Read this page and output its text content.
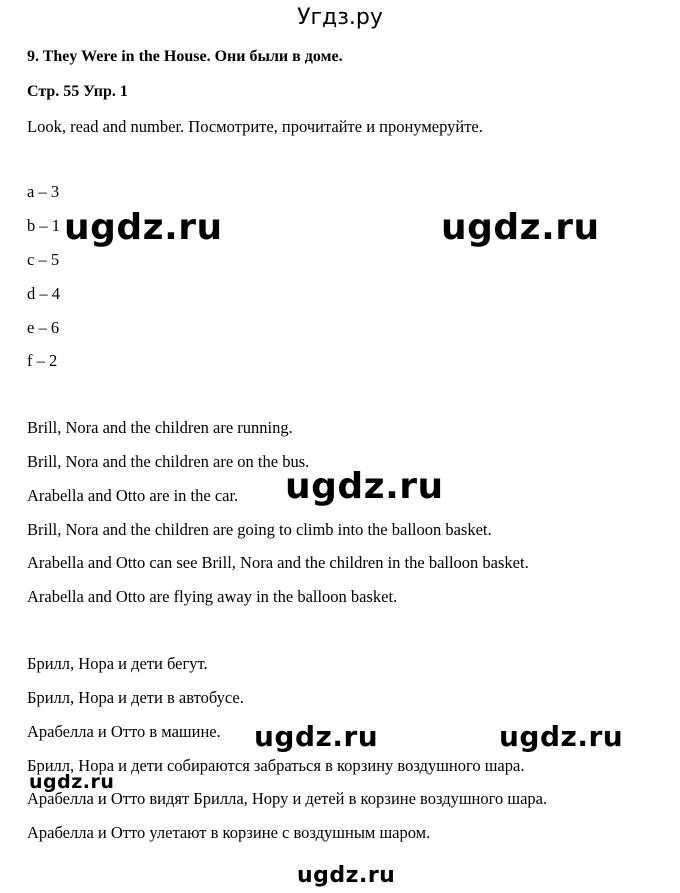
Угдз.ру
9. They Were in the House. Они были в доме.
Стр. 55 Упр. 1
Look, read and number. Посмотрите, прочитайте и пронумеруйте.
a – 3
b – 1
c – 5
d – 4
e – 6
f – 2
Brill, Nora and the children are running.
Brill, Nora and the children are on the bus.
Arabella and Otto are in the car.
Brill, Nora and the children are going to climb into the balloon basket.
Arabella and Otto can see Brill, Nora and the children in the balloon basket.
Arabella and Otto are flying away in the balloon basket.
Брилл, Нора и дети бегут.
Брилл, Нора и дети в автобусе.
Арабелла и Отто в машине.
Брилл, Нора и дети собираются забраться в корзину воздушного шара.
Арабелла и Отто видят Брилла, Нору и детей в корзине воздушного шара.
Арабелла и Отто улетают в корзине с воздушным шаром.
ugdz.ru	ugdz.ru
ugdz.ru
ugdz.ru	ugdz.ru
ugdz.ru
ugdz.ru
